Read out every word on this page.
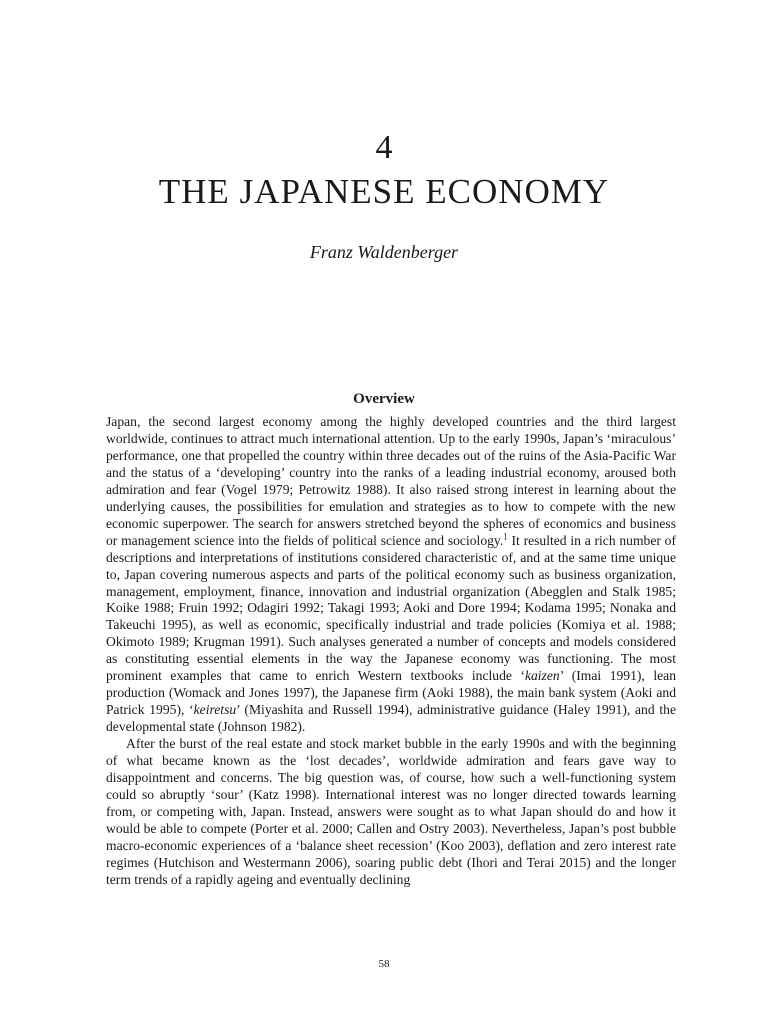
4
THE JAPANESE ECONOMY
Franz Waldenberger
Overview

Japan, the second largest economy among the highly developed countries and the third largest worldwide, continues to attract much international attention. Up to the early 1990s, Japan’s ‘miraculous’ performance, one that propelled the country within three decades out of the ruins of the Asia-Pacific War and the status of a ‘developing’ country into the ranks of a leading industrial economy, aroused both admiration and fear (Vogel 1979; Petrowitz 1988). It also raised strong interest in learning about the underlying causes, the possibilities for emulation and strategies as to how to compete with the new economic superpower. The search for answers stretched beyond the spheres of economics and business or management science into the fields of political science and sociology.$^1$ It resulted in a rich number of descriptions and interpretations of institutions considered characteristic of, and at the same time unique to, Japan covering numerous aspects and parts of the political economy such as business organization, management, employment, finance, innovation and industrial organization (Abegglen and Stalk 1985; Koike 1988; Fruin 1992; Odagiri 1992; Takagi 1993; Aoki and Dore 1994; Kodama 1995; Nonaka and Takeuchi 1995), as well as economic, specifically industrial and trade policies (Komiya et al. 1988; Okimoto 1989; Krugman 1991). Such analyses generated a number of concepts and models considered as constituting essential elements in the way the Japanese economy was functioning. The most prominent examples that came to enrich Western textbooks include ‘kaizen’ (Imai 1991), lean production (Womack and Jones 1997), the Japanese firm (Aoki 1988), the main bank system (Aoki and Patrick 1995), ‘keiretsu’ (Miyashita and Russell 1994), administrative guidance (Haley 1991), and the developmental state (Johnson 1982).

After the burst of the real estate and stock market bubble in the early 1990s and with the beginning of what became known as the ‘lost decades’, worldwide admiration and fears gave way to disappointment and concerns. The big question was, of course, how such a well-functioning system could so abruptly ‘sour’ (Katz 1998). International interest was no longer directed towards learning from, or competing with, Japan. Instead, answers were sought as to what Japan should do and how it would be able to compete (Porter et al. 2000; Callen and Ostry 2003). Nevertheless, Japan’s post bubble macro-economic experiences of a ‘balance sheet recession’ (Koo 2003), deflation and zero interest rate regimes (Hutchison and Westermann 2006), soaring public debt (Ihori and Terai 2015) and the longer term trends of a rapidly ageing and eventually declining

58
